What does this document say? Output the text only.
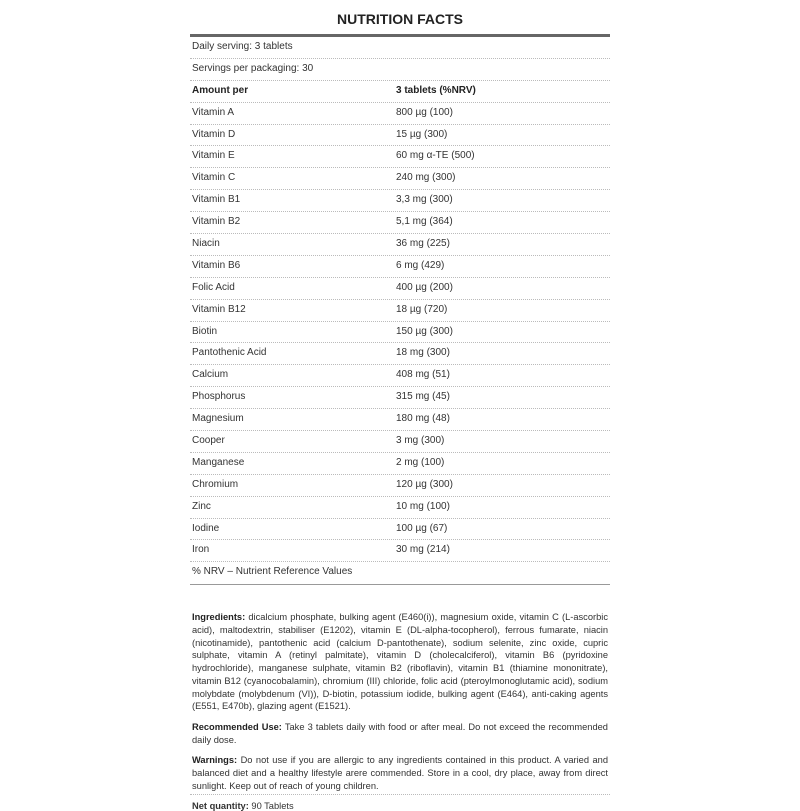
NUTRITION FACTS
Daily serving: 3 tablets
Servings per packaging: 30
Amount per	3 tablets (%NRV)
Vitamin A	800 µg (100)
Vitamin D	15 µg (300)
Vitamin E	60 mg α-TE (500)
Vitamin C	240 mg (300)
Vitamin B1	3,3 mg (300)
Vitamin B2	5,1 mg (364)
Niacin	36 mg (225)
Vitamin B6	6 mg (429)
Folic Acid	400 µg (200)
Vitamin B12	18 µg (720)
Biotin	150 µg (300)
Pantothenic Acid	18 mg (300)
Calcium	408 mg (51)
Phosphorus	315 mg (45)
Magnesium	180 mg (48)
Cooper	3 mg (300)
Manganese	2 mg (100)
Chromium	120 µg (300)
Zinc	10 mg (100)
Iodine	100 µg (67)
Iron	30 mg (214)
% NRV – Nutrient Reference Values

Ingredients: dicalcium phosphate, bulking agent (E460(i)), magnesium oxide, vitamin C (L-ascorbic acid), maltodextrin, stabiliser (E1202), vitamin E (DL-alpha-tocopherol), ferrous fumarate, niacin (nicotinamide), pantothenic acid (calcium D-pantothenate), sodium selenite, zinc oxide, cupric sulphate, vitamin A (retinyl palmitate), vitamin D (cholecalciferol), vitamin B6 (pyridoxine hydrochloride), manganese sulphate, vitamin B2 (riboflavin), vitamin B1 (thiamine mononitrate), vitamin B12 (cyanocobalamin), chromium (III) chloride, folic acid (pteroylmonoglutamic acid), sodium molybdate (molybdenum (VI)), D-biotin, potassium iodide, bulking agent (E464), anti-caking agents (E551, E470b), glazing agent (E1521).

Recommended Use: Take 3 tablets daily with food or after meal. Do not exceed the recommended daily dose.

Warnings: Do not use if you are allergic to any ingredients contained in this product. A varied and balanced diet and a healthy lifestyle arere commended. Store in a cool, dry place, away from direct sunlight. Keep out of reach of young children.

Net quantity: 90 Tablets
